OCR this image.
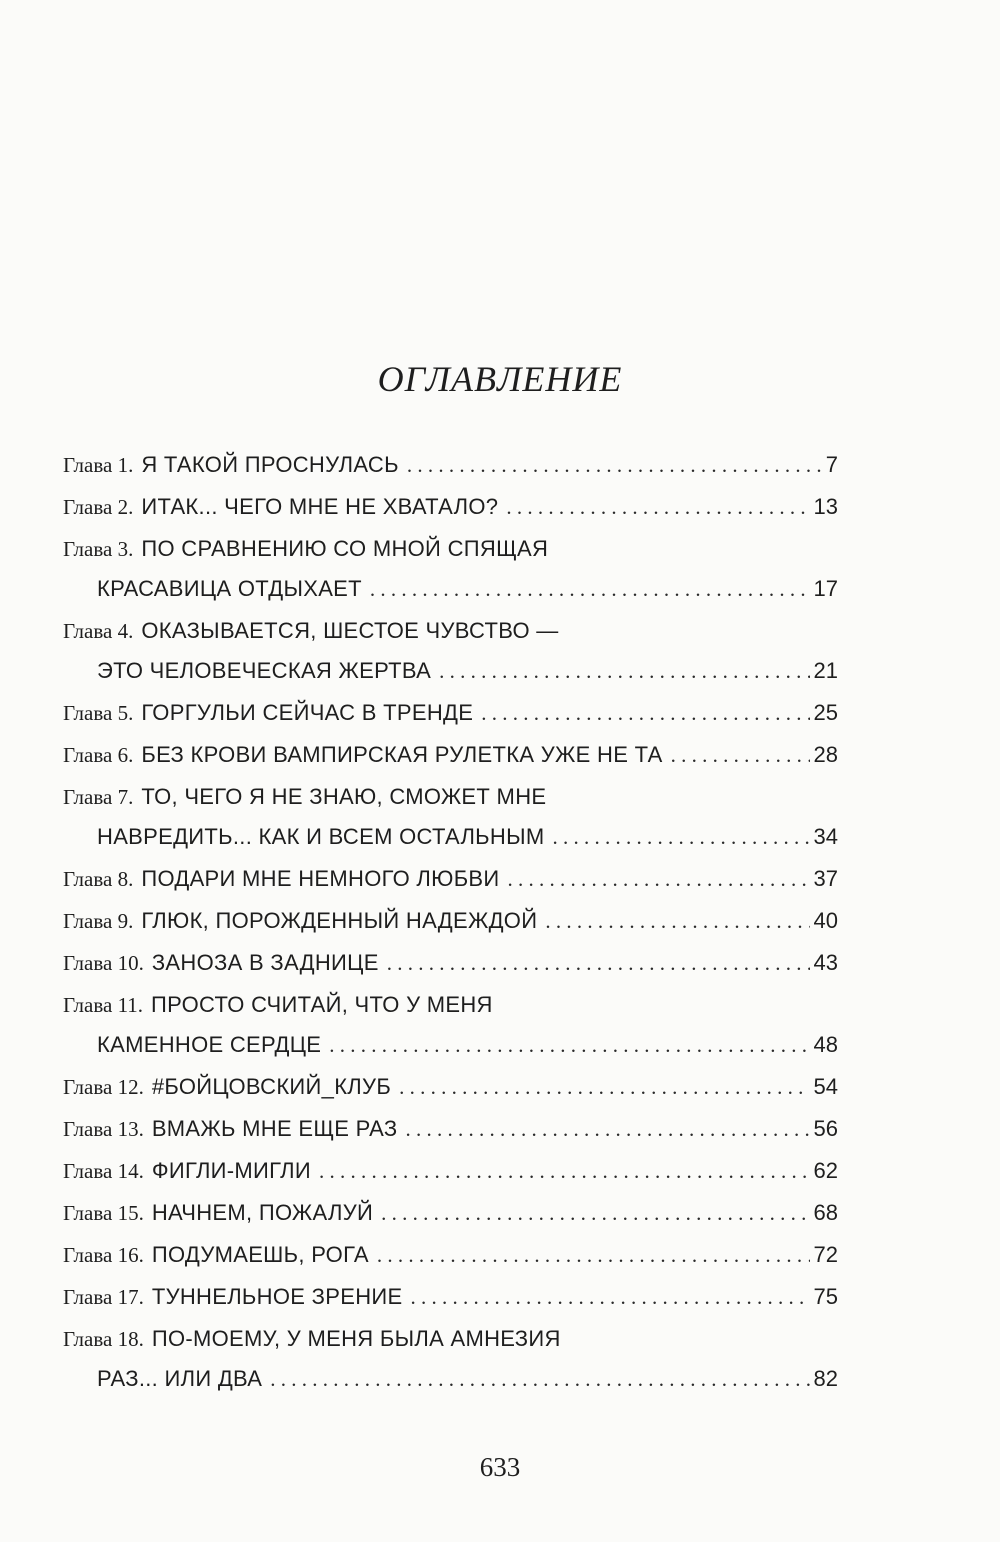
ОГЛАВЛЕНИЕ
Глава 1. Я ТАКОЙ ПРОСНУЛАСЬ . . .	7
Глава 2. ИТАК... ЧЕГО МНЕ НЕ ХВАТАЛО? . . .	13
Глава 3. ПО СРАВНЕНИЮ СО МНОЙ СПЯЩАЯ
КРАСАВИЦА ОТДЫХАЕТ . . .	17
Глава 4. ОКАЗЫВАЕТСЯ, ШЕСТОЕ ЧУВСТВО —
ЭТО ЧЕЛОВЕЧЕСКАЯ ЖЕРТВА . . .	21
Глава 5. ГОРГУЛЬИ СЕЙЧАС В ТРЕНДЕ . . .	25
Глава 6. БЕЗ КРОВИ ВАМПИРСКАЯ РУЛЕТКА УЖЕ НЕ ТА . . .	28
Глава 7. ТО, ЧЕГО Я НЕ ЗНАЮ, СМОЖЕТ МНЕ
НАВРЕДИТЬ... КАК И ВСЕМ ОСТАЛЬНЫМ . . .	34
Глава 8. ПОДАРИ МНЕ НЕМНОГО ЛЮБВИ . . .	37
Глава 9. ГЛЮК, ПОРОЖДЕННЫЙ НАДЕЖДОЙ . . .	40
Глава 10. ЗАНОЗА В ЗАДНИЦЕ . . .	43
Глава 11. ПРОСТО СЧИТАЙ, ЧТО У МЕНЯ
КАМЕННОЕ СЕРДЦЕ . . .	48
Глава 12. #БОЙЦОВСКИЙ_КЛУБ . . .	54
Глава 13. ВМАЖЬ МНЕ ЕЩЕ РАЗ . . .	56
Глава 14. ФИГЛИ-МИГЛИ . . .	62
Глава 15. НАЧНЕМ, ПОЖАЛУЙ . . .	68
Глава 16. ПОДУМАЕШЬ, РОГА . . .	72
Глава 17. ТУННЕЛЬНОЕ ЗРЕНИЕ . . .	75
Глава 18. ПО-МОЕМУ, У МЕНЯ БЫЛА АМНЕЗИЯ
РАЗ... ИЛИ ДВА . . .	82
633
